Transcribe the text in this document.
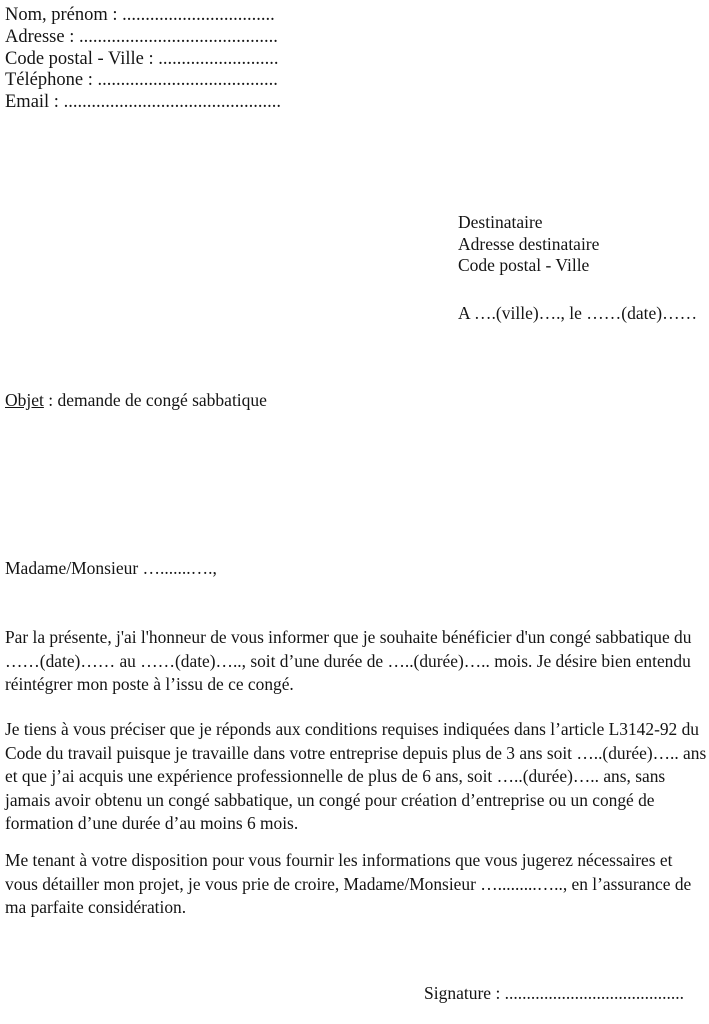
Nom, prénom : .................................
Adresse : ...........................................
Code postal - Ville : ..........................
Téléphone : .......................................
Email : ...............................................
Destinataire
Adresse destinataire
Code postal - Ville
A ….(ville)…., le ……(date)……
Objet : demande de congé sabbatique
Madame/Monsieur ….......….,
Par la présente, j'ai l'honneur de vous informer que je souhaite bénéficier d'un congé sabbatique du ……(date)…… au ……(date)….., soit d’une durée de …..(durée)….. mois. Je désire bien entendu réintégrer mon poste à l’issu de ce congé.
Je tiens à vous préciser que je réponds aux conditions requises indiquées dans l’article L3142-92 du Code du travail puisque je travaille dans votre entreprise depuis plus de 3 ans soit …..(durée)….. ans et que j’ai acquis une expérience professionnelle de plus de 6 ans, soit …..(durée)….. ans, sans jamais avoir obtenu un congé sabbatique, un congé pour création d’entreprise ou un congé de formation d’une durée d’au moins 6 mois.
Me tenant à votre disposition pour vous fournir les informations que vous jugerez nécessaires et vous détailler mon projet, je vous prie de croire, Madame/Monsieur ….........….., en l’assurance de ma parfaite considération.
Signature : .........................................
